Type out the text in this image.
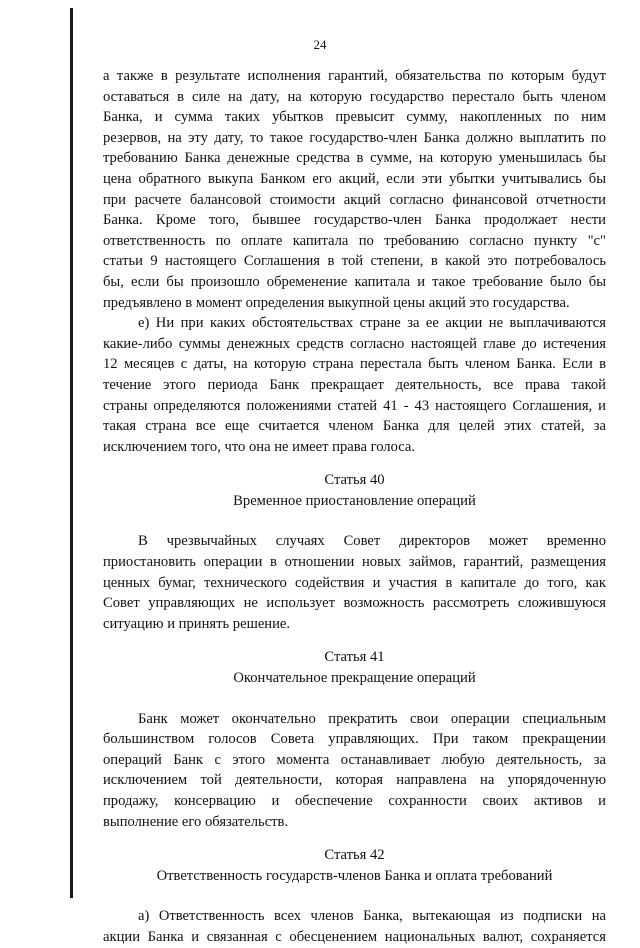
24
а также в результате исполнения гарантий, обязательства по которым будут
оставаться в силе на дату, на которую государство перестало быть членом
Банка, и сумма таких убытков превысит сумму, накопленных по ним
резервов, на эту дату, то такое государство-член Банка должно выплатить по
требованию Банка денежные средства в сумме, на которую уменьшилась бы
цена обратного выкупа Банком его акций, если эти убытки учитывались бы
при расчете балансовой стоимости акций согласно финансовой отчетности
Банка. Кроме того, бывшее государство-член Банка продолжает нести
ответственность по оплате капитала по требованию согласно пункту "c"
статьи 9 настоящего Соглашения в той степени, в какой это потребовалось
бы, если бы произошло обременение капитала и такое требование было бы
предъявлено в момент определения выкупной цены акций это государства.
e) Ни при каких обстоятельствах стране за ее акции не выплачиваются
какие-либо суммы денежных средств согласно настоящей главе до истечения
12 месяцев с даты, на которую страна перестала быть членом Банка. Если в
течение этого периода Банк прекращает деятельность, все права такой
страны определяются положениями статей 41 - 43 настоящего Соглашения, и
такая страна все еще считается членом Банка для целей этих статей, за
исключением того, что она не имеет права голоса.
Статья 40
Временное приостановление операций
В чрезвычайных случаях Совет директоров может временно
приостановить операции в отношении новых займов, гарантий, размещения
ценных бумаг, технического содействия и участия в капитале до того, как
Совет управляющих не использует возможность рассмотреть сложившуюся
ситуацию и принять решение.
Статья 41
Окончательное прекращение операций
Банк может окончательно прекратить свои операции специальным
большинством голосов Совета управляющих. При таком прекращении
операций Банк с этого момента останавливает любую деятельность, за
исключением той деятельности, которая направлена на упорядоченную
продажу, консервацию и обеспечение сохранности своих активов и
выполнение его обязательств.
Статья 42
Ответственность государств-членов Банка и оплата требований
а) Ответственность всех членов Банка, вытекающая из подписки на
акции Банка и связанная с обесценением национальных валют, сохраняется
